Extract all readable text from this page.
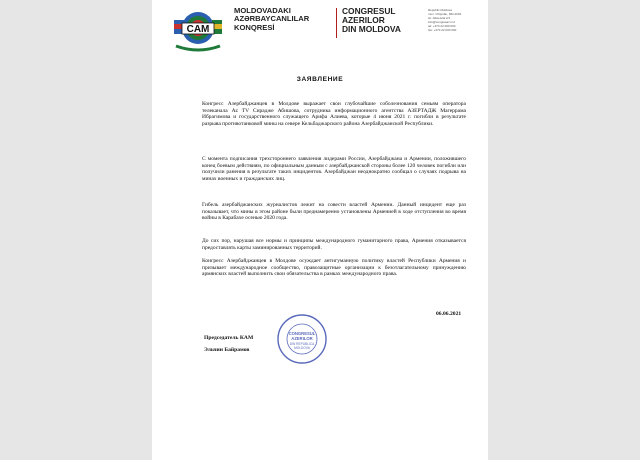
CAM
MOLDOVADAKI
AZƏRBAYCANLILAR
KONQRESİ
CONGRESUL
AZERILOR
DIN MOLDOVA
Republic Moldova
mun. Chişinău, MD-2004
str. Alba-Iulia 2/1
info@congresaz.md
tel: +373 22 000 000
fax: +373 22 000 000
ЗАЯВЛЕНИЕ
Конгресс Азербайджанцев в Молдове выражает свои глубочайшие соболезнования семьям оператора телеканала Az TV Сирадже Абишова, сотрудника информационного агентства АЗЕРТАДЖ Магеррама Ибрагимова и государственного служащего Арифа Алиева, которые 4 июня 2021 г. погибли в результате разрыва противотанковой мины на севере Кельбаджарского района Азербайджанской Республики.
С момента подписания трехстороннего заявления лидерами России, Азербайджана и Армении, положившего конец боевым действиям, по официальным данным с азербайджанской стороны более 120 человек погибли или получили ранения в результате таких инцидентов. Азербайджан неоднократно сообщал о случаях подрыва на минах военных и гражданских лиц.
Гибель азербайджанских журналистов лежит на совести властей Армении. Данный инцидент еще раз показывает, что мины в этом районе были преднамеренно установлены Арменией в ходе отступления во время войны в Карабахе осенью 2020 года.
До сих пор, нарушая все нормы и принципы международного гуманитарного права, Армения отказывается предоставлять карты заминированных территорий.
Конгресс Азербайджанцев в Молдове осуждает антигуманную политику властей Республики Армения и призывает международное сообщество, правозащитные организации к безотлагательному принуждению армянских властей выполнить свои обязательства в рамках международного права.
06.06.2021
CONGRESUL
AZERILOR
DIN REPUBLICA
MOLDOVA
Председатель КАМ
Эльчин Байрамов
